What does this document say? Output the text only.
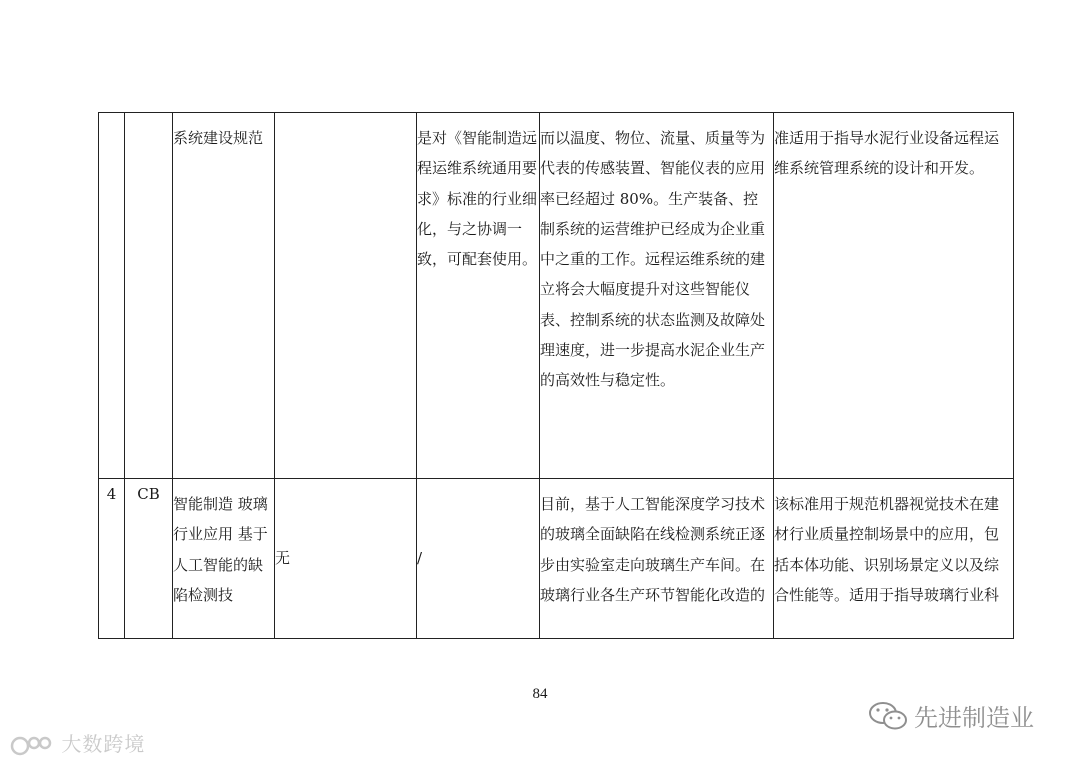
		系统建设规范		是对《智能制造远程运维系统通用要求》标准的行业细化，与之协调一致，可配套使用。	而以温度、物位、流量、质量等为代表的传感装置、智能仪表的应用率已经超过 80%。生产装备、控制系统的运营维护已经成为企业重中之重的工作。远程运维系统的建立将会大幅度提升对这些智能仪表、控制系统的状态监测及故障处理速度，进一步提高水泥企业生产的高效性与稳定性。	准适用于指导水泥行业设备远程运维系统管理系统的设计和开发。

4	CB	智能制造 玻璃行业应用 基于人工智能的缺陷检测技	无	/	目前，基于人工智能深度学习技术的玻璃全面缺陷在线检测系统正逐步由实验室走向玻璃生产车间。在玻璃行业各生产环节智能化改造的	该标准用于规范机器视觉技术在建材行业质量控制场景中的应用，包括本体功能、识别场景定义以及综合性能等。适用于指导玻璃行业科
84
大数跨境
先进制造业
